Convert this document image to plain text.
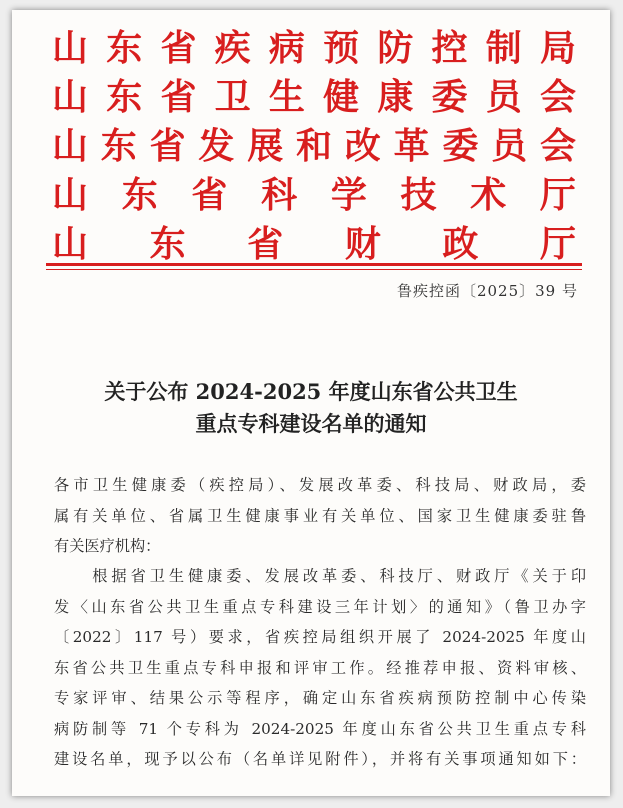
山 东 省 疾 病 预 防 控 制 局
山 东 省 卫 生 健 康 委 员 会
山 东 省 发 展 和 改 革 委 员 会
山 东 省 科 学 技 术 厅
山 东 省 财 政 厅
鲁疾控函〔2025〕39 号
关于公布 2024-2025 年度山东省公共卫生
重点专科建设名单的通知
各市卫生健康委（疾控局）、发展改革委、科技局、财政局，委
属有关单位、省属卫生健康事业有关单位、国家卫生健康委驻鲁
有关医疗机构：
　　根据省卫生健康委、发展改革委、科技厅、财政厅《关于印
发〈山东省公共卫生重点专科建设三年计划〉的通知》（鲁卫办字
〔2022〕117 号）要求，省疾控局组织开展了 2024-2025 年度山
东省公共卫生重点专科申报和评审工作。经推荐申报、资料审核、
专家评审、结果公示等程序，确定山东省疾病预防控制中心传染
病防制等 71 个专科为 2024-2025 年度山东省公共卫生重点专科
建设名单，现予以公布（名单详见附件），并将有关事项通知如下：
